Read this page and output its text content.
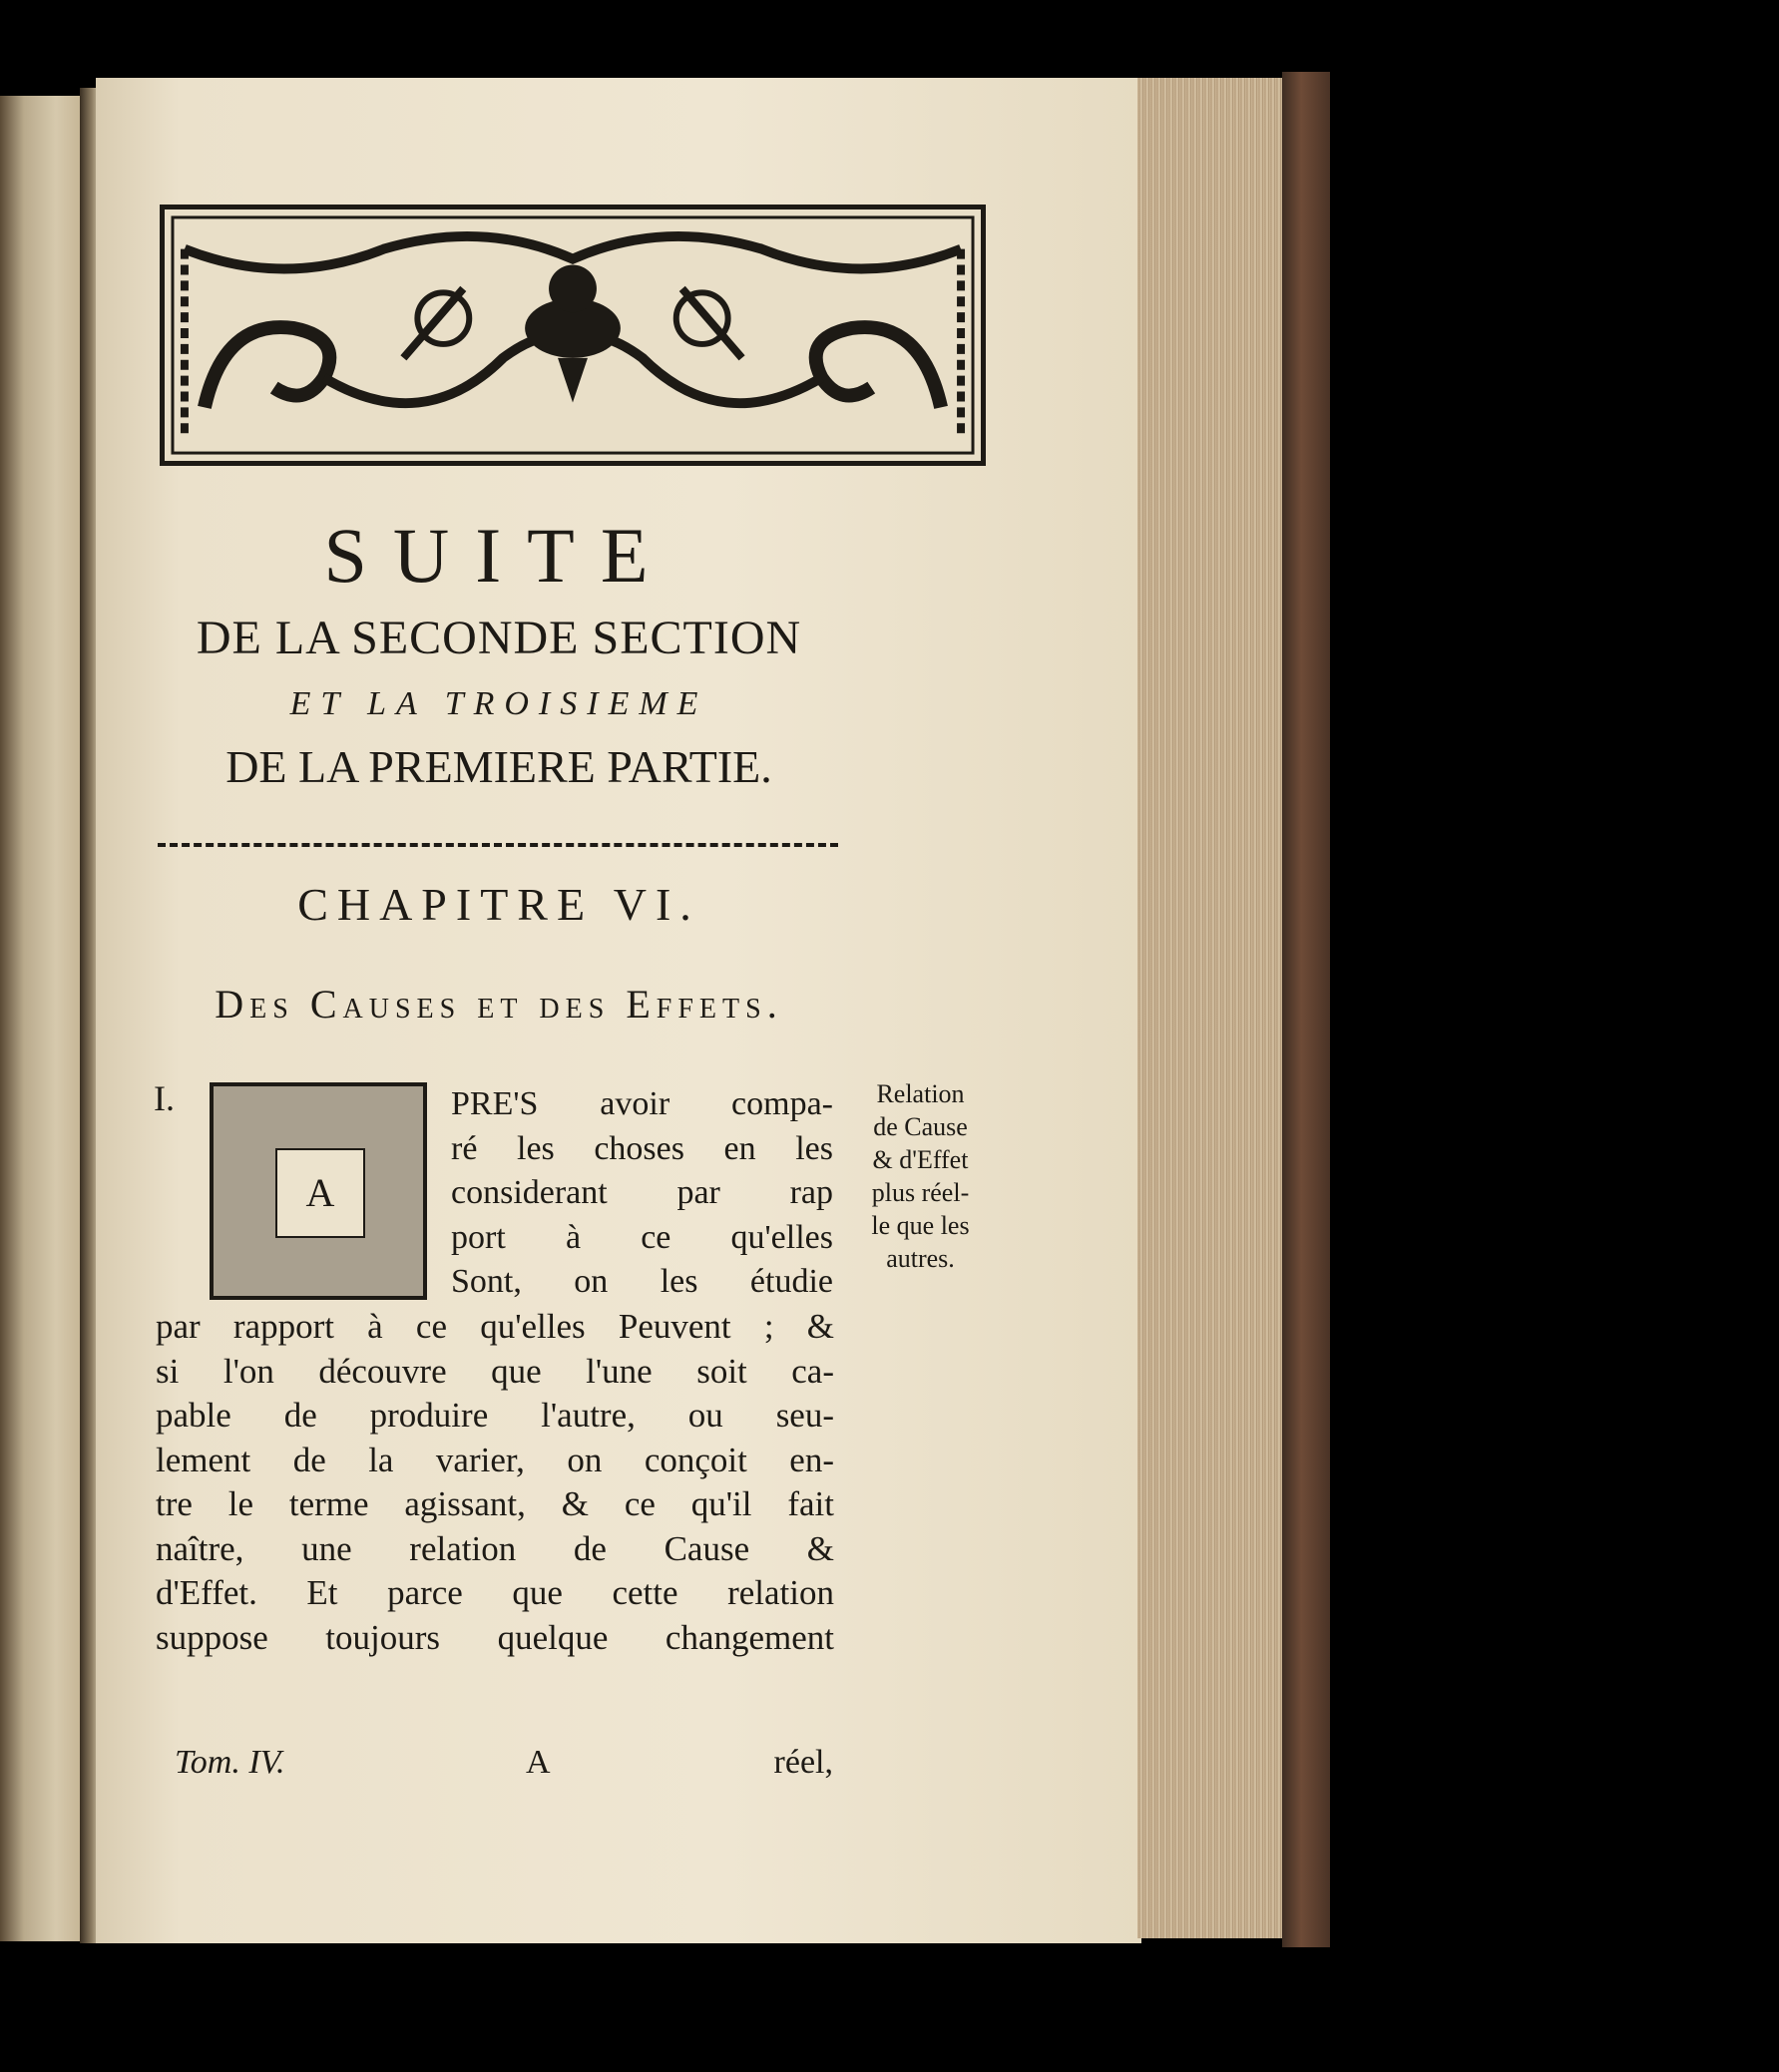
SUITE
DE LA SECONDE SECTION
ET LA TROISIEME
DE LA PREMIERE PARTIE.
CHAPITRE VI.
Des Causes et des Effets.
I.
A
PRE'S avoir compa-
ré les choses en les
considerant par rap
port à ce qu'elles
Sont, on les étudie
Relation
de Cause
& d'Effet
plus réel-
le que les
autres.
par rapport à ce qu'elles Peuvent ; &
si l'on découvre que l'une soit ca-
pable de produire l'autre, ou seu-
lement de la varier, on conçoit en-
tre le terme agissant, & ce qu'il fait
naître, une relation de Cause &
d'Effet. Et parce que cette relation
suppose toujours quelque changement
Tom. IV.	A	réel,
